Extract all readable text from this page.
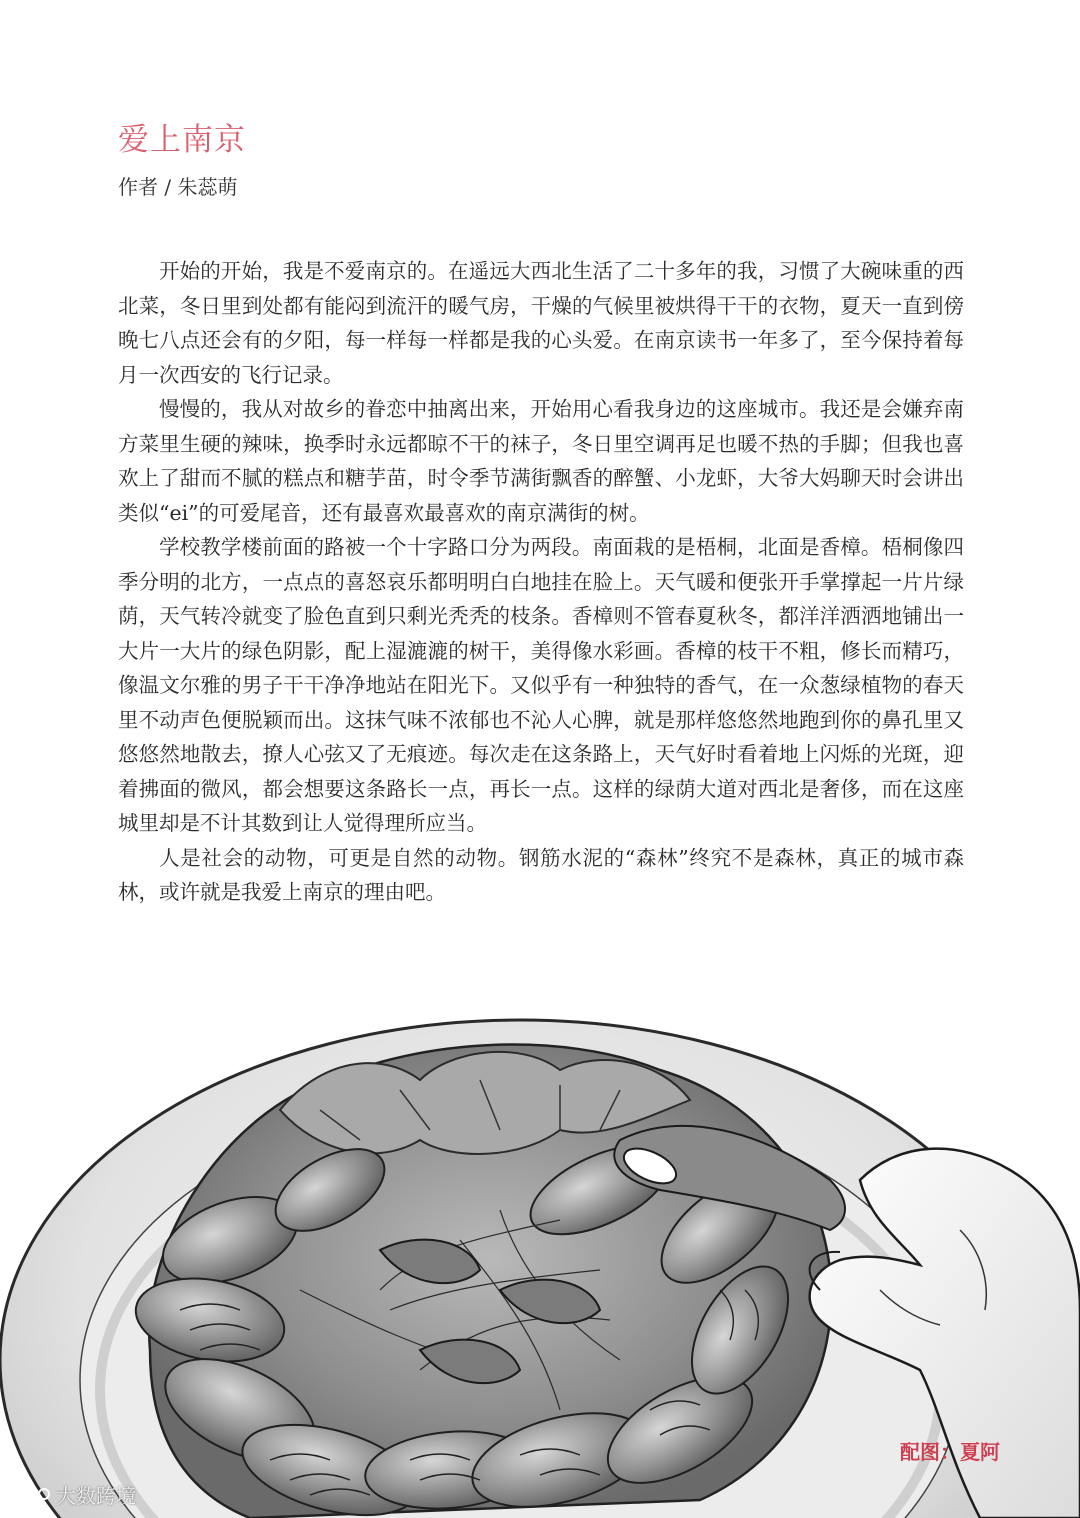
爱上南京

作者 / 朱蕊萌

开始的开始，我是不爱南京的。在遥远大西北生活了二十多年的我，习惯了大碗味重的西北菜，冬日里到处都有能闷到流汗的暖气房，干燥的气候里被烘得干干的衣物，夏天一直到傍晚七八点还会有的夕阳，每一样每一样都是我的心头爱。在南京读书一年多了，至今保持着每月一次西安的飞行记录。

慢慢的，我从对故乡的眷恋中抽离出来，开始用心看我身边的这座城市。我还是会嫌弃南方菜里生硬的辣味，换季时永远都晾不干的袜子，冬日里空调再足也暖不热的手脚；但我也喜欢上了甜而不腻的糕点和糖芋苗，时令季节满街飘香的醉蟹、小龙虾，大爷大妈聊天时会讲出类似“ei”的可爱尾音，还有最喜欢最喜欢的南京满街的树。

学校教学楼前面的路被一个十字路口分为两段。南面栽的是梧桐，北面是香樟。梧桐像四季分明的北方，一点点的喜怒哀乐都明明白白地挂在脸上。天气暖和便张开手掌撑起一片片绿荫，天气转冷就变了脸色直到只剩光秃秃的枝条。香樟则不管春夏秋冬，都洋洋洒洒地铺出一大片一大片的绿色阴影，配上湿漉漉的树干，美得像水彩画。香樟的枝干不粗，修长而精巧，像温文尔雅的男子干干净净地站在阳光下。又似乎有一种独特的香气，在一众葱绿植物的春天里不动声色便脱颖而出。这抹气味不浓郁也不沁人心脾，就是那样悠悠然地跑到你的鼻孔里又悠悠然地散去，撩人心弦又了无痕迹。每次走在这条路上，天气好时看着地上闪烁的光斑，迎着拂面的微风，都会想要这条路长一点，再长一点。这样的绿荫大道对西北是奢侈，而在这座城里却是不计其数到让人觉得理所应当。

人是社会的动物，可更是自然的动物。钢筋水泥的“森林”终究不是森林，真正的城市森林，或许就是我爱上南京的理由吧。

配图：夏阿

大数跨境
